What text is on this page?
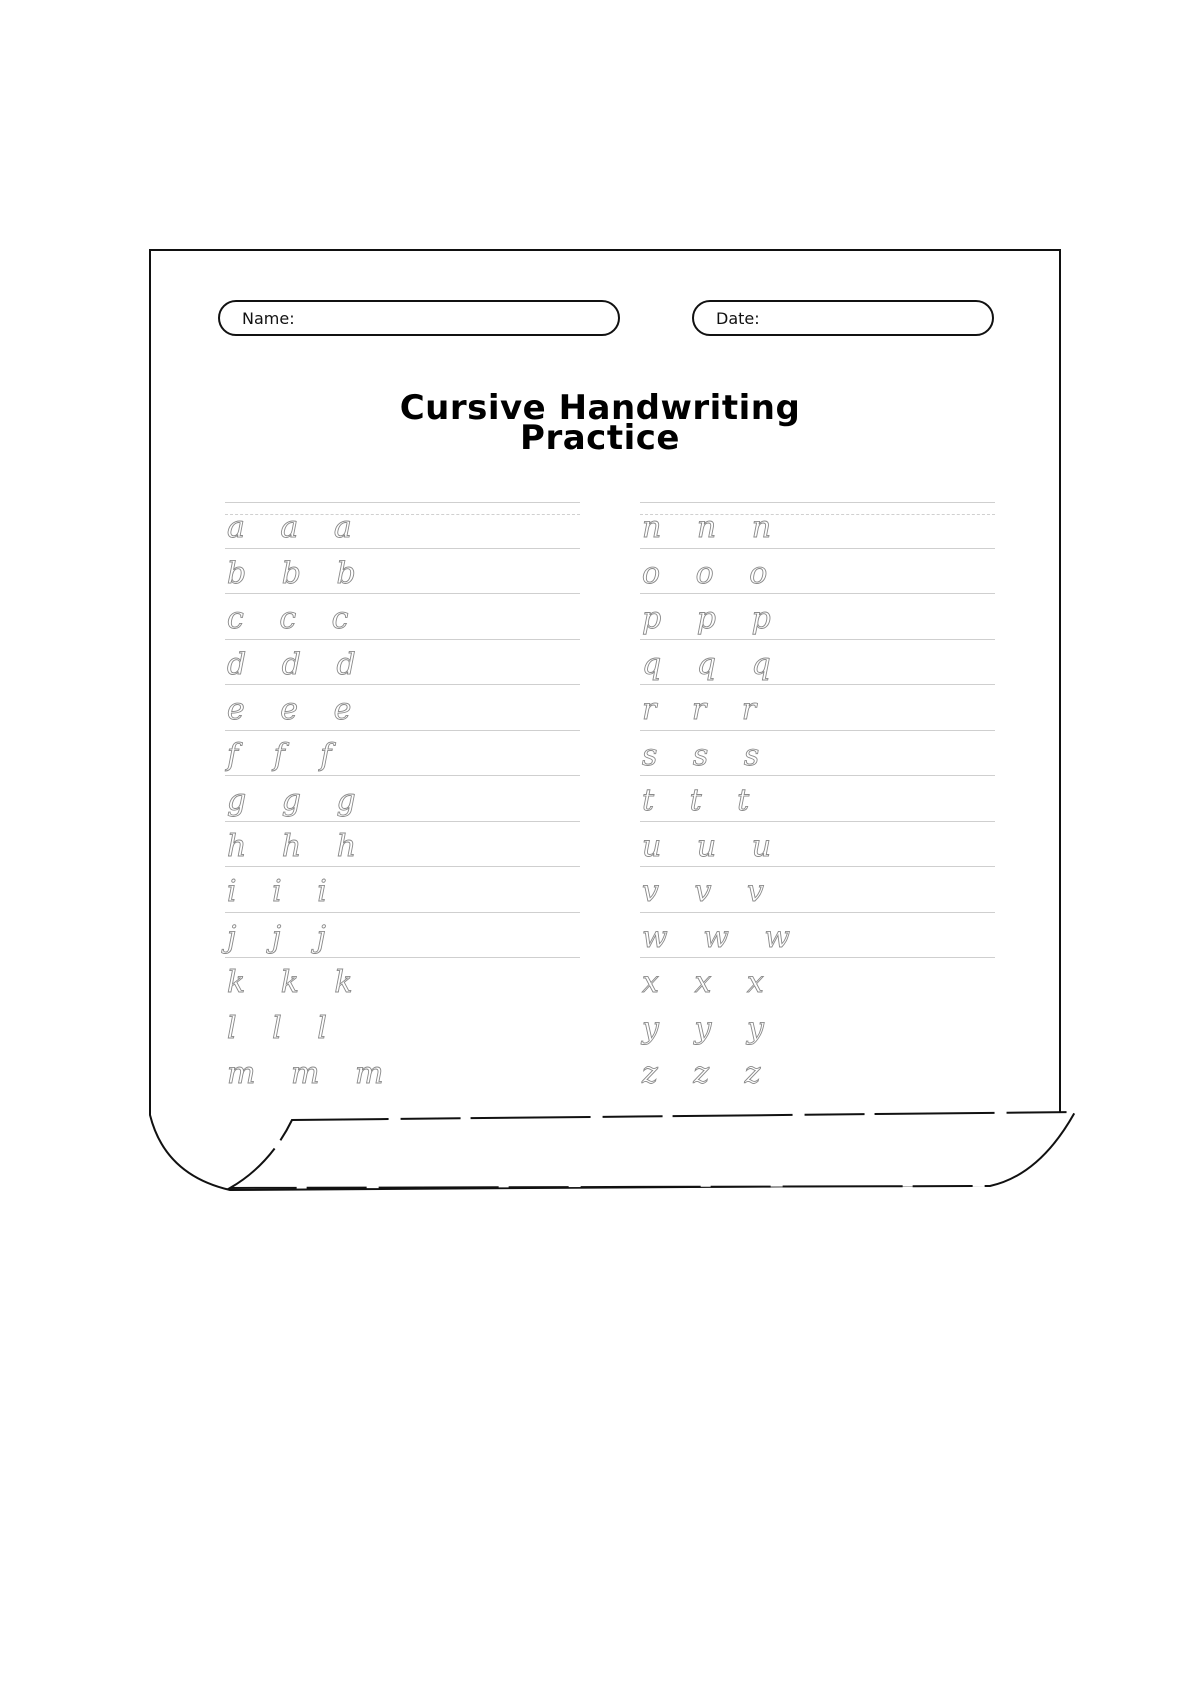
Name:	Date:
Cursive Handwriting
Practice
a a a
b b b
c c c
d d d
e e e
f f f
g g g
h h h
i i i
j j j
k k k
l l l
m m m
n n n
o o o
p p p
q q q
r r r
s s s
t t t
u u u
v v v
w w w
x x x
y y y
z z z
